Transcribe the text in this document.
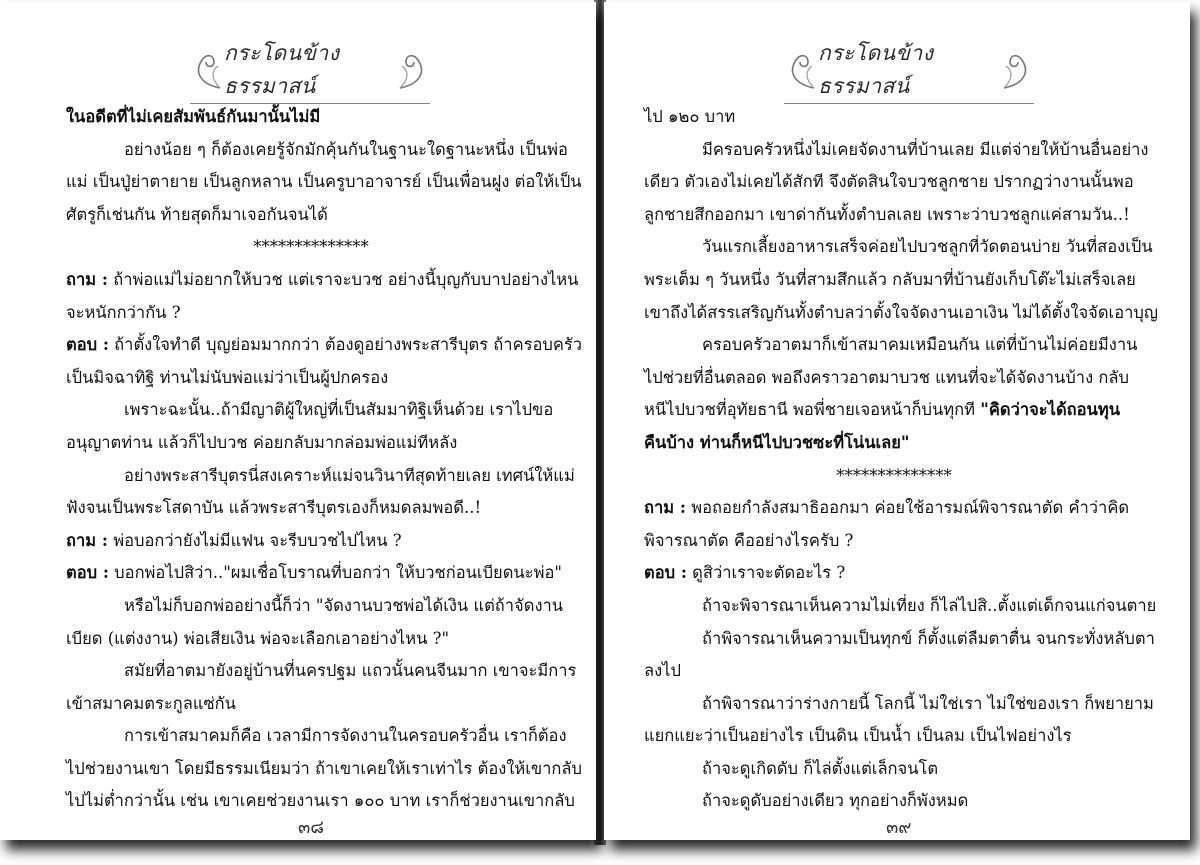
กระโดนข้างธรรมาสน์
ในอดีตที่ไม่เคยสัมพันธ์กันมานั้นไม่มี
อย่างน้อย ๆ ก็ต้องเคยรู้จักมักคุ้นกันในฐานะใดฐานะหนึ่ง เป็นพ่อ
แม่ เป็นปู่ย่าตายาย เป็นลูกหลาน เป็นครูบาอาจารย์ เป็นเพื่อนฝูง ต่อให้เป็น
ศัตรูก็เช่นกัน ท้ายสุดก็มาเจอกันจนได้
**************
ถาม : ถ้าพ่อแม่ไม่อยากให้บวช แต่เราจะบวช อย่างนี้บุญกับบาปอย่างไหน
จะหนักกว่ากัน ?
ตอบ : ถ้าตั้งใจทำดี บุญย่อมมากกว่า ต้องดูอย่างพระสารีบุตร ถ้าครอบครัว
เป็นมิจฉาทิฐิ ท่านไม่นับพ่อแม่ว่าเป็นผู้ปกครอง
เพราะฉะนั้น..ถ้ามีญาติผู้ใหญ่ที่เป็นสัมมาทิฐิเห็นด้วย เราไปขอ
อนุญาตท่าน แล้วก็ไปบวช ค่อยกลับมากล่อมพ่อแม่ทีหลัง
อย่างพระสารีบุตรนี่สงเคราะห์แม่จนวินาทีสุดท้ายเลย เทศน์ให้แม่
ฟังจนเป็นพระโสดาบัน แล้วพระสารีบุตรเองก็หมดลมพอดี..!
ถาม : พ่อบอกว่ายังไม่มีแฟน จะรีบบวชไปไหน ?
ตอบ : บอกพ่อไปสิว่า.."ผมเชื่อโบราณที่บอกว่า ให้บวชก่อนเบียดนะพ่อ"
หรือไม่ก็บอกพ่ออย่างนี้ก็ว่า "จัดงานบวชพ่อได้เงิน แต่ถ้าจัดงาน
เบียด (แต่งงาน) พ่อเสียเงิน พ่อจะเลือกเอาอย่างไหน ?"
สมัยที่อาตมายังอยู่บ้านที่นครปฐม แถวนั้นคนจีนมาก เขาจะมีการ
เข้าสมาคมตระกูลแซ่กัน
การเข้าสมาคมก็คือ เวลามีการจัดงานในครอบครัวอื่น เราก็ต้อง
ไปช่วยงานเขา โดยมีธรรมเนียมว่า ถ้าเขาเคยให้เราเท่าไร ต้องให้เขากลับ
ไปไม่ต่ำกว่านั้น เช่น เขาเคยช่วยงานเรา ๑๐๐ บาท เราก็ช่วยงานเขากลับ
๓๘
กระโดนข้างธรรมาสน์
ไป ๑๒๐ บาท
มีครอบครัวหนึ่งไม่เคยจัดงานที่บ้านเลย มีแต่จ่ายให้บ้านอื่นอย่าง
เดียว ตัวเองไม่เคยได้สักที จึงตัดสินใจบวชลูกชาย ปรากฏว่างานนั้นพอ
ลูกชายสึกออกมา เขาด่ากันทั้งตำบลเลย เพราะว่าบวชลูกแค่สามวัน..!
วันแรกเลี้ยงอาหารเสร็จค่อยไปบวชลูกที่วัดตอนบ่าย วันที่สองเป็น
พระเต็ม ๆ วันหนึ่ง วันที่สามสึกแล้ว กลับมาที่บ้านยังเก็บโต๊ะไม่เสร็จเลย
เขาถึงได้สรรเสริญกันทั้งตำบลว่าตั้งใจจัดงานเอาเงิน ไม่ได้ตั้งใจจัดเอาบุญ
ครอบครัวอาตมาก็เข้าสมาคมเหมือนกัน แต่ที่บ้านไม่ค่อยมีงาน
ไปช่วยที่อื่นตลอด พอถึงคราวอาตมาบวช แทนที่จะได้จัดงานบ้าง กลับ
หนีไปบวชที่อุทัยธานี พอพี่ชายเจอหน้าก็บ่นทุกที "คิดว่าจะได้ถอนทุน
คืนบ้าง ท่านก็หนีไปบวชซะที่โน่นเลย"
**************
ถาม : พอถอยกำลังสมาธิออกมา ค่อยใช้อารมณ์พิจารณาตัด คำว่าคิด
พิจารณาตัด คืออย่างไรครับ ?
ตอบ : ดูสิว่าเราจะตัดอะไร ?
ถ้าจะพิจารณาเห็นความไม่เที่ยง ก็ไล่ไปสิ..ตั้งแต่เด็กจนแก่จนตาย
ถ้าพิจารณาเห็นความเป็นทุกข์ ก็ตั้งแต่ลืมตาตื่น จนกระทั่งหลับตา
ลงไป
ถ้าพิจารณาว่าร่างกายนี้ โลกนี้ ไม่ใช่เรา ไม่ใช่ของเรา ก็พยายาม
แยกแยะว่าเป็นอย่างไร เป็นดิน เป็นน้ำ เป็นลม เป็นไฟอย่างไร
ถ้าจะดูเกิดดับ ก็ไล่ตั้งแต่เล็กจนโต
ถ้าจะดูดับอย่างเดียว ทุกอย่างก็พังหมด
๓๙
